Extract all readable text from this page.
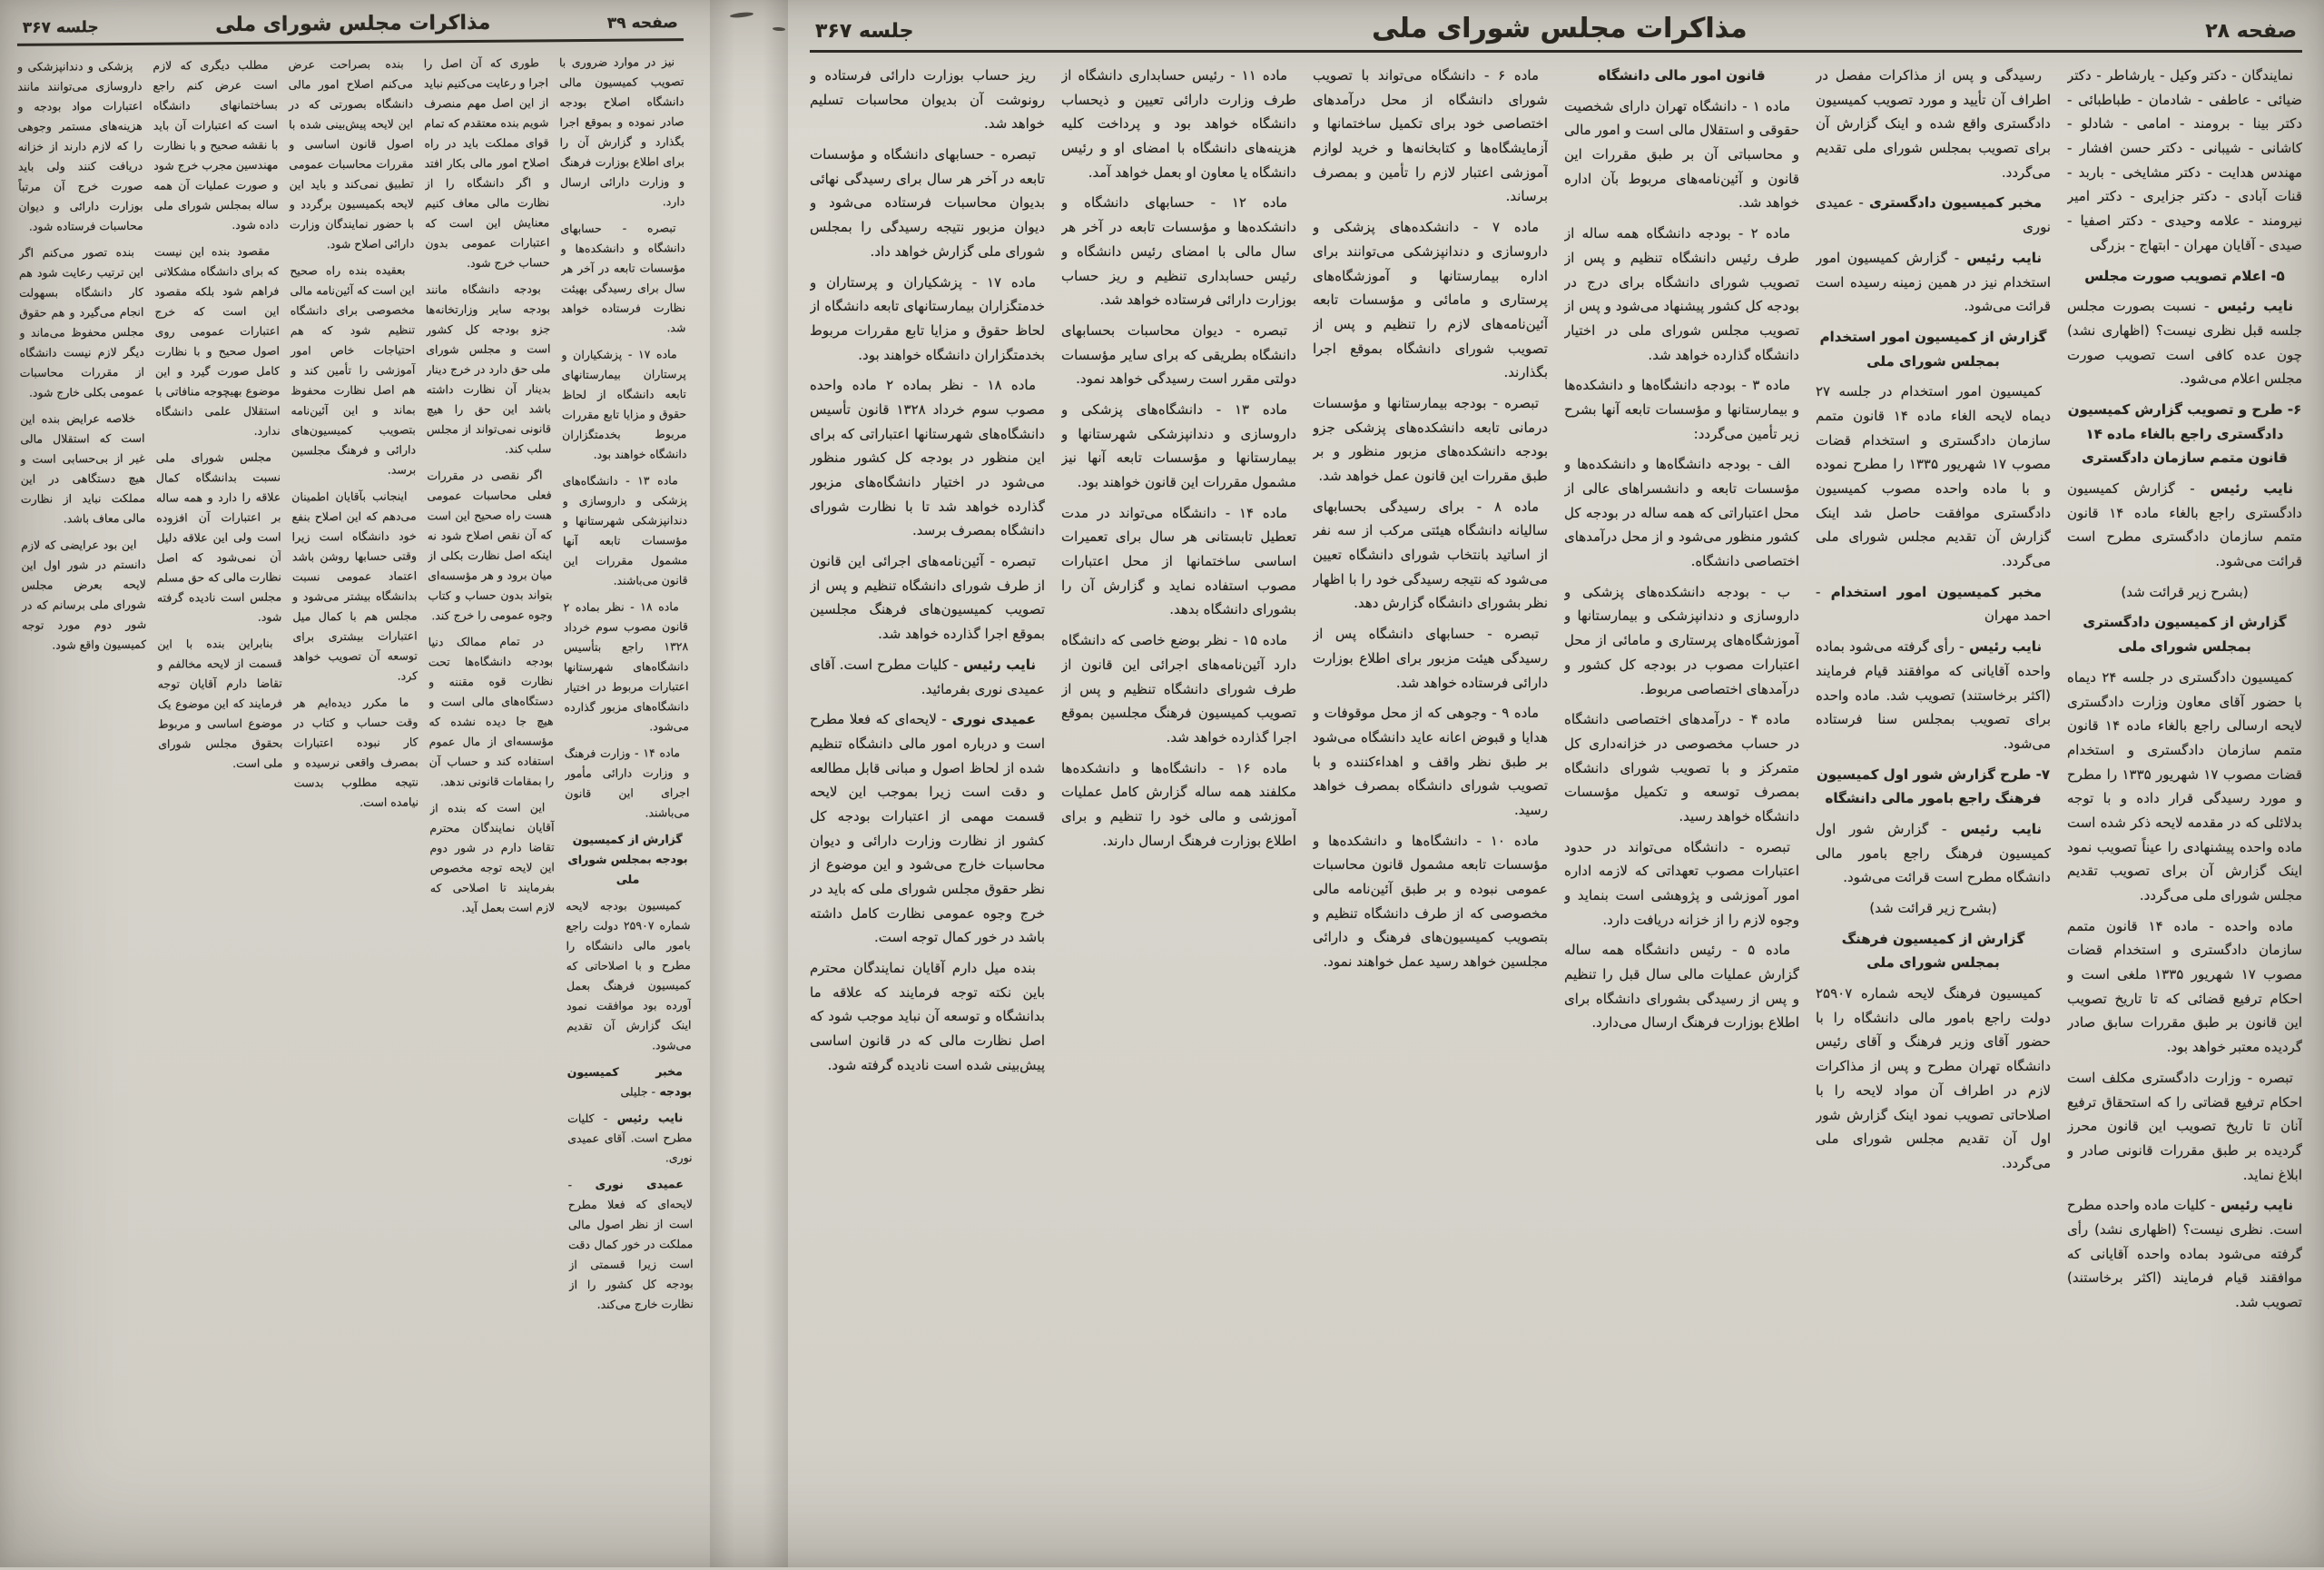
صفحه ۲۸
مذاکرات مجلس شورای ملی
جلسه ۳۶۷

نمایندگان - دکتر وکیل - یارشاطر - دکتر ضیائی - عاطفی - شادمان - طباطبائی - دکتر بینا - برومند - امامی - شادلو - کاشانی - شیبانی - دکتر حسن افشار - مهندس هدایت - دکتر مشایخی - باربد - قنات آبادی - دکتر جزایری - دکتر امیر نیرومند - علامه وحیدی - دکتر اصفیا - صیدی - آقایان مهران - ابتهاج - بزرگی

۵- اعلام تصویب صورت مجلس

نایب رئیس - نسبت بصورت مجلس جلسه قبل نظری نیست؟ (اظهاری نشد) چون عده کافی است تصویب صورت مجلس اعلام می‌شود.

۶- طرح و تصویب گزارش کمیسیون دادگستری راجع بالغاء ماده ۱۴ قانون متمم سازمان دادگستری

نایب رئیس - گزارش کمیسیون دادگستری راجع بالغاء ماده ۱۴ قانون متمم سازمان دادگستری مطرح است قرائت می‌شود.

(بشرح زیر قرائت شد)

گزارش از کمیسیون دادگستری بمجلس شورای ملی

کمیسیون دادگستری در جلسه ۲۴ دیماه با حضور آقای معاون وزارت دادگستری لایحه ارسالی راجع بالغاء ماده ۱۴ قانون متمم سازمان دادگستری و استخدام قضات مصوب ۱۷ شهریور ۱۳۳۵ را مطرح و مورد رسیدگی قرار داده و با توجه بدلائلی که در مقدمه لایحه ذکر شده است ماده واحده پیشنهادی را عیناً تصویب نمود اینک گزارش آن برای تصویب تقدیم مجلس شورای ملی می‌گردد.

ماده واحده - ماده ۱۴ قانون متمم سازمان دادگستری و استخدام قضات مصوب ۱۷ شهریور ۱۳۳۵ ملغی است و احکام ترفیع قضائی که تا تاریخ تصویب این قانون بر طبق مقررات سابق صادر گردیده معتبر خواهد بود.

تبصره - وزارت دادگستری مکلف است احکام ترفیع قضاتی را که استحقاق ترفیع آنان تا تاریخ تصویب این قانون محرز گردیده بر طبق مقررات قانونی صادر و ابلاغ نماید.

نایب رئیس - کلیات ماده واحده مطرح است. نظری نیست؟ (اظهاری نشد) رأی گرفته می‌شود بماده واحده آقایانی که موافقند قیام فرمایند (اکثر برخاستند) تصویب شد.

رسیدگی و پس از مذاکرات مفصل در اطراف آن تأیید و مورد تصویب کمیسیون دادگستری واقع شده و اینک گزارش آن برای تصویب بمجلس شورای ملی تقدیم می‌گردد.

مخبر کمیسیون دادگستری - عمیدی نوری

نایب رئیس - گزارش کمیسیون امور استخدام نیز در همین زمینه رسیده است قرائت می‌شود.

گزارش از کمیسیون امور استخدام بمجلس شورای ملی

کمیسیون امور استخدام در جلسه ۲۷ دیماه لایحه الغاء ماده ۱۴ قانون متمم سازمان دادگستری و استخدام قضات مصوب ۱۷ شهریور ۱۳۳۵ را مطرح نموده و با ماده واحده مصوب کمیسیون دادگستری موافقت حاصل شد اینک گزارش آن تقدیم مجلس شورای ملی می‌گردد.

مخبر کمیسیون امور استخدام - احمد مهران

نایب رئیس - رأی گرفته می‌شود بماده واحده آقایانی که موافقند قیام فرمایند (اکثر برخاستند) تصویب شد. ماده واحده برای تصویب بمجلس سنا فرستاده می‌شود.

۷- طرح گزارش شور اول کمیسیون فرهنگ راجع بامور مالی دانشگاه

نایب رئیس - گزارش شور اول کمیسیون فرهنگ راجع بامور مالی دانشگاه مطرح است قرائت می‌شود.

(بشرح زیر قرائت شد)

گزارش از کمیسیون فرهنگ بمجلس شورای ملی

کمیسیون فرهنگ لایحه شماره ۲۵۹۰۷ دولت راجع بامور مالی دانشگاه را با حضور آقای وزیر فرهنگ و آقای رئیس دانشگاه تهران مطرح و پس از مذاکرات لازم در اطراف آن مواد لایحه را با اصلاحاتی تصویب نمود اینک گزارش شور اول آن تقدیم مجلس شورای ملی می‌گردد.

قانون امور مالی دانشگاه

ماده ۱ - دانشگاه تهران دارای شخصیت حقوقی و استقلال مالی است و امور مالی و محاسباتی آن بر طبق مقررات این قانون و آئین‌نامه‌های مربوط بآن اداره خواهد شد.

ماده ۲ - بودجه دانشگاه همه ساله از طرف رئیس دانشگاه تنظیم و پس از تصویب شورای دانشگاه برای درج در بودجه کل کشور پیشنهاد می‌شود و پس از تصویب مجلس شورای ملی در اختیار دانشگاه گذارده خواهد شد.

ماده ۳ - بودجه دانشگاه‌ها و دانشکده‌ها و بیمارستانها و مؤسسات تابعه آنها بشرح زیر تأمین می‌گردد:

الف - بودجه دانشگاه‌ها و دانشکده‌ها و مؤسسات تابعه و دانشسراهای عالی از محل اعتباراتی که همه ساله در بودجه کل کشور منظور می‌شود و از محل درآمدهای اختصاصی دانشگاه.

ب - بودجه دانشکده‌های پزشکی و داروسازی و دندانپزشکی و بیمارستانها و آموزشگاه‌های پرستاری و مامائی از محل اعتبارات مصوب در بودجه کل کشور و درآمدهای اختصاصی مربوط.

ماده ۴ - درآمدهای اختصاصی دانشگاه در حساب مخصوصی در خزانه‌داری کل متمرکز و با تصویب شورای دانشگاه بمصرف توسعه و تکمیل مؤسسات دانشگاه خواهد رسید.

تبصره - دانشگاه می‌تواند در حدود اعتبارات مصوب تعهداتی که لازمه اداره امور آموزشی و پژوهشی است بنماید و وجوه لازم را از خزانه دریافت دارد.

ماده ۵ - رئیس دانشگاه همه ساله گزارش عملیات مالی سال قبل را تنظیم و پس از رسیدگی بشورای دانشگاه برای اطلاع بوزارت فرهنگ ارسال می‌دارد.

ماده ۶ - دانشگاه می‌تواند با تصویب شورای دانشگاه از محل درآمدهای اختصاصی خود برای تکمیل ساختمانها و آزمایشگاه‌ها و کتابخانه‌ها و خرید لوازم آموزشی اعتبار لازم را تأمین و بمصرف برساند.

ماده ۷ - دانشکده‌های پزشکی و داروسازی و دندانپزشکی می‌توانند برای اداره بیمارستانها و آموزشگاه‌های پرستاری و مامائی و مؤسسات تابعه آئین‌نامه‌های لازم را تنظیم و پس از تصویب شورای دانشگاه بموقع اجرا بگذارند.

تبصره - بودجه بیمارستانها و مؤسسات درمانی تابعه دانشکده‌های پزشکی جزو بودجه دانشکده‌های مزبور منظور و بر طبق مقررات این قانون عمل خواهد شد.

ماده ۸ - برای رسیدگی بحسابهای سالیانه دانشگاه هیئتی مرکب از سه نفر از اساتید بانتخاب شورای دانشگاه تعیین می‌شود که نتیجه رسیدگی خود را با اظهار نظر بشورای دانشگاه گزارش دهد.

تبصره - حسابهای دانشگاه پس از رسیدگی هیئت مزبور برای اطلاع بوزارت دارائی فرستاده خواهد شد.

ماده ۹ - وجوهی که از محل موقوفات و هدایا و قبوض اعانه عاید دانشگاه می‌شود بر طبق نظر واقف و اهداءکننده و با تصویب شورای دانشگاه بمصرف خواهد رسید.

ماده ۱۰ - دانشگاه‌ها و دانشکده‌ها و مؤسسات تابعه مشمول قانون محاسبات عمومی نبوده و بر طبق آئین‌نامه مالی مخصوصی که از طرف دانشگاه تنظیم و بتصویب کمیسیون‌های فرهنگ و دارائی مجلسین خواهد رسید عمل خواهند نمود.

ماده ۱۱ - رئیس حسابداری دانشگاه از طرف وزارت دارائی تعیین و ذیحساب دانشگاه خواهد بود و پرداخت کلیه هزینه‌های دانشگاه با امضای او و رئیس دانشگاه یا معاون او بعمل خواهد آمد.

ماده ۱۲ - حسابهای دانشگاه و دانشکده‌ها و مؤسسات تابعه در آخر هر سال مالی با امضای رئیس دانشگاه و رئیس حسابداری تنظیم و ریز حساب بوزارت دارائی فرستاده خواهد شد.

تبصره - دیوان محاسبات بحسابهای دانشگاه بطریقی که برای سایر مؤسسات دولتی مقرر است رسیدگی خواهد نمود.

ماده ۱۳ - دانشگاه‌های پزشکی و داروسازی و دندانپزشکی شهرستانها و بیمارستانها و مؤسسات تابعه آنها نیز مشمول مقررات این قانون خواهند بود.

ماده ۱۴ - دانشگاه می‌تواند در مدت تعطیل تابستانی هر سال برای تعمیرات اساسی ساختمانها از محل اعتبارات مصوب استفاده نماید و گزارش آن را بشورای دانشگاه بدهد.

ماده ۱۵ - نظر بوضع خاصی که دانشگاه دارد آئین‌نامه‌های اجرائی این قانون از طرف شورای دانشگاه تنظیم و پس از تصویب کمیسیون فرهنگ مجلسین بموقع اجرا گذارده خواهد شد.

ماده ۱۶ - دانشگاه‌ها و دانشکده‌ها مکلفند همه ساله گزارش کامل عملیات آموزشی و مالی خود را تنظیم و برای اطلاع بوزارت فرهنگ ارسال دارند.

ریز حساب بوزارت دارائی فرستاده و رونوشت آن بدیوان محاسبات تسلیم خواهد شد.

تبصره - حسابهای دانشگاه و مؤسسات تابعه در آخر هر سال برای رسیدگی نهائی بدیوان محاسبات فرستاده می‌شود و دیوان مزبور نتیجه رسیدگی را بمجلس شورای ملی گزارش خواهد داد.

ماده ۱۷ - پزشکیاران و پرستاران و خدمتگزاران بیمارستانهای تابعه دانشگاه از لحاظ حقوق و مزایا تابع مقررات مربوط بخدمتگزاران دانشگاه خواهند بود.

ماده ۱۸ - نظر بماده ۲ ماده واحده مصوب سوم خرداد ۱۳۲۸ قانون تأسیس دانشگاه‌های شهرستانها اعتباراتی که برای این منظور در بودجه کل کشور منظور می‌شود در اختیار دانشگاه‌های مزبور گذارده خواهد شد تا با نظارت شورای دانشگاه بمصرف برسد.

تبصره - آئین‌نامه‌های اجرائی این قانون از طرف شورای دانشگاه تنظیم و پس از تصویب کمیسیون‌های فرهنگ مجلسین بموقع اجرا گذارده خواهد شد.

نایب رئیس - کلیات مطرح است. آقای عمیدی نوری بفرمائید.

عمیدی نوری - لایحه‌ای که فعلا مطرح است و درباره امور مالی دانشگاه تنظیم شده از لحاظ اصول و مبانی قابل مطالعه و دقت است زیرا بموجب این لایحه قسمت مهمی از اعتبارات بودجه کل کشور از نظارت وزارت دارائی و دیوان محاسبات خارج می‌شود و این موضوع از نظر حقوق مجلس شورای ملی که باید در خرج وجوه عمومی نظارت کامل داشته باشد در خور کمال توجه است.

بنده میل دارم آقایان نمایندگان محترم باین نکته توجه فرمایند که علاقه ما بدانشگاه و توسعه آن نباید موجب شود که اصل نظارت مالی که در قانون اساسی پیش‌بینی شده است نادیده گرفته شود.

صفحه ۳۹
مذاکرات مجلس شورای ملی
جلسه ۳۶۷

نیز در موارد ضروری با تصویب کمیسیون مالی دانشگاه اصلاح بودجه صادر نموده و بموقع اجرا بگذارد و گزارش آن را برای اطلاع بوزارت فرهنگ و وزارت دارائی ارسال دارد.

تبصره - حسابهای دانشگاه و دانشکده‌ها و مؤسسات تابعه در آخر هر سال برای رسیدگی بهیئت نظارت فرستاده خواهد شد.

ماده ۱۷ - پزشکیاران و پرستاران بیمارستانهای تابعه دانشگاه از لحاظ حقوق و مزایا تابع مقررات مربوط بخدمتگزاران دانشگاه خواهند بود.

ماده ۱۳ - دانشگاه‌های پزشکی و داروسازی و دندانپزشکی شهرستانها و مؤسسات تابعه آنها مشمول مقررات این قانون می‌باشند.

ماده ۱۸ - نظر بماده ۲ قانون مصوب سوم خرداد ۱۳۲۸ راجع بتأسیس دانشگاه‌های شهرستانها اعتبارات مربوط در اختیار دانشگاه‌های مزبور گذارده می‌شود.

ماده ۱۴ - وزارت فرهنگ و وزارت دارائی مأمور اجرای این قانون می‌باشند.

گزارش از کمیسیون بودجه بمجلس شورای ملی

کمیسیون بودجه لایحه شماره ۲۵۹۰۷ دولت راجع بامور مالی دانشگاه را مطرح و با اصلاحاتی که کمیسیون فرهنگ بعمل آورده بود موافقت نمود اینک گزارش آن تقدیم می‌شود.

مخبر کمیسیون بودجه - جلیلی

نایب رئیس - کلیات مطرح است. آقای عمیدی نوری.

عمیدی نوری - لایحه‌ای که فعلا مطرح است از نظر اصول مالی مملکت در خور کمال دقت است زیرا قسمتی از بودجه کل کشور را از نظارت خارج می‌کند.

طوری که آن اصل را اجرا و رعایت می‌کنیم نباید از این اصل مهم منصرف شویم بنده معتقدم که تمام قوای مملکت باید در راه اصلاح امور مالی بکار افتد و اگر دانشگاه را از نظارت مالی معاف کنیم معنایش این است که اعتبارات عمومی بدون حساب خرج شود.

بودجه دانشگاه مانند بودجه سایر وزارتخانه‌ها جزو بودجه کل کشور است و مجلس شورای ملی حق دارد در خرج دینار بدینار آن نظارت داشته باشد این حق را هیچ قانونی نمی‌تواند از مجلس سلب کند.

اگر نقصی در مقررات فعلی محاسبات عمومی هست راه صحیح این است که آن نقص اصلاح شود نه اینکه اصل نظارت بکلی از میان برود و هر مؤسسه‌ای بتواند بدون حساب و کتاب وجوه عمومی را خرج کند.

در تمام ممالک دنیا بودجه دانشگاه‌ها تحت نظارت قوه مقننه و دستگاه‌های مالی است و هیچ جا دیده نشده که مؤسسه‌ای از مال عموم استفاده کند و حساب آن را بمقامات قانونی ندهد.

این است که بنده از آقایان نمایندگان محترم تقاضا دارم در شور دوم این لایحه توجه مخصوص بفرمایند تا اصلاحی که لازم است بعمل آید.

بنده بصراحت عرض می‌کنم اصلاح امور مالی دانشگاه بصورتی که در این لایحه پیش‌بینی شده با اصول قانون اساسی و مقررات محاسبات عمومی تطبیق نمی‌کند و باید این لایحه بکمیسیون برگردد و با حضور نمایندگان وزارت دارائی اصلاح شود.

بعقیده بنده راه صحیح این است که آئین‌نامه مالی مخصوصی برای دانشگاه تنظیم شود که هم احتیاجات خاص امور آموزشی را تأمین کند و هم اصل نظارت محفوظ بماند و این آئین‌نامه بتصویب کمیسیون‌های دارائی و فرهنگ مجلسین برسد.

اینجانب بآقایان اطمینان می‌دهم که این اصلاح بنفع خود دانشگاه است زیرا وقتی حسابها روشن باشد اعتماد عمومی نسبت بدانشگاه بیشتر می‌شود و مجلس هم با کمال میل اعتبارات بیشتری برای توسعه آن تصویب خواهد کرد.

ما مکرر دیده‌ایم هر وقت حساب و کتاب در کار نبوده اعتبارات بمصرف واقعی نرسیده و نتیجه مطلوب بدست نیامده است.

مطلب دیگری که لازم است عرض کنم راجع بساختمانهای دانشگاه است که اعتبارات آن باید با نقشه صحیح و با نظارت مهندسین مجرب خرج شود و صورت عملیات آن همه ساله بمجلس شورای ملی داده شود.

مقصود بنده این نیست که برای دانشگاه مشکلاتی فراهم شود بلکه مقصود این است که خرج اعتبارات عمومی روی اصول صحیح و با نظارت کامل صورت گیرد و این موضوع بهیچوجه منافاتی با استقلال علمی دانشگاه ندارد.

مجلس شورای ملی نسبت بدانشگاه کمال علاقه را دارد و همه ساله بر اعتبارات آن افزوده است ولی این علاقه دلیل آن نمی‌شود که اصل نظارت مالی که حق مسلم مجلس است نادیده گرفته شود.

بنابراین بنده با این قسمت از لایحه مخالفم و تقاضا دارم آقایان توجه فرمایند که این موضوع یک موضوع اساسی و مربوط بحقوق مجلس شورای ملی است.

پزشکی و دندانپزشکی و داروسازی می‌توانند مانند اعتبارات مواد بودجه و هزینه‌های مستمر وجوهی را که لازم دارند از خزانه دریافت کنند ولی باید صورت خرج آن مرتباً بوزارت دارائی و دیوان محاسبات فرستاده شود.

بنده تصور می‌کنم اگر این ترتیب رعایت شود هم کار دانشگاه بسهولت انجام می‌گیرد و هم حقوق مجلس محفوظ می‌ماند و دیگر لازم نیست دانشگاه از مقررات محاسبات عمومی بکلی خارج شود.

خلاصه عرایض بنده این است که استقلال مالی غیر از بی‌حسابی است و هیچ دستگاهی در این مملکت نباید از نظارت مالی معاف باشد.

این بود عرایضی که لازم دانستم در شور اول این لایحه بعرض مجلس شورای ملی برسانم که در شور دوم مورد توجه کمیسیون واقع شود.
